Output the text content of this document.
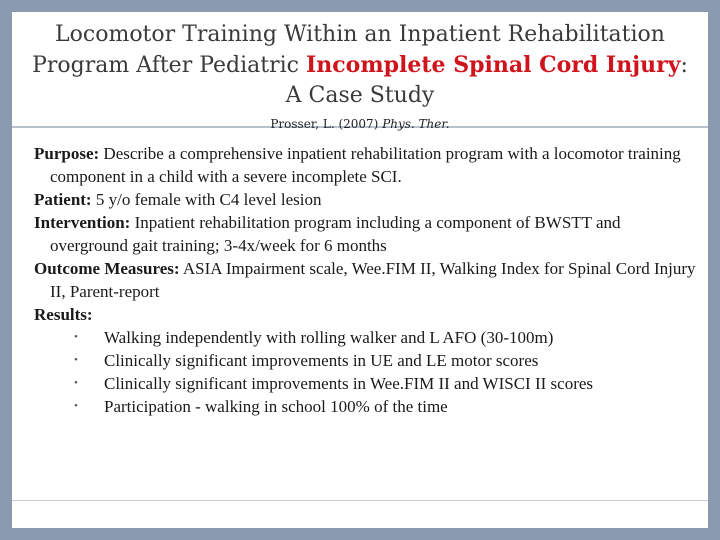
Locomotor Training Within an Inpatient Rehabilitation Program After Pediatric Incomplete Spinal Cord Injury: A Case Study
Prosser, L. (2007) Phys. Ther.

Purpose: Describe a comprehensive inpatient rehabilitation program with a locomotor training component in a child with a severe incomplete SCI.

Patient: 5 y/o female with C4 level lesion

Intervention: Inpatient rehabilitation program including a component of BWSTT and overground gait training; 3-4x/week for 6 months

Outcome Measures: ASIA Impairment scale, Wee.FIM II, Walking Index for Spinal Cord Injury II, Parent-report

Results:

• Walking independently with rolling walker and L AFO (30-100m)
• Clinically significant improvements in UE and LE motor scores
• Clinically significant improvements in Wee.FIM II and WISCI II scores
• Participation - walking in school 100% of the time
